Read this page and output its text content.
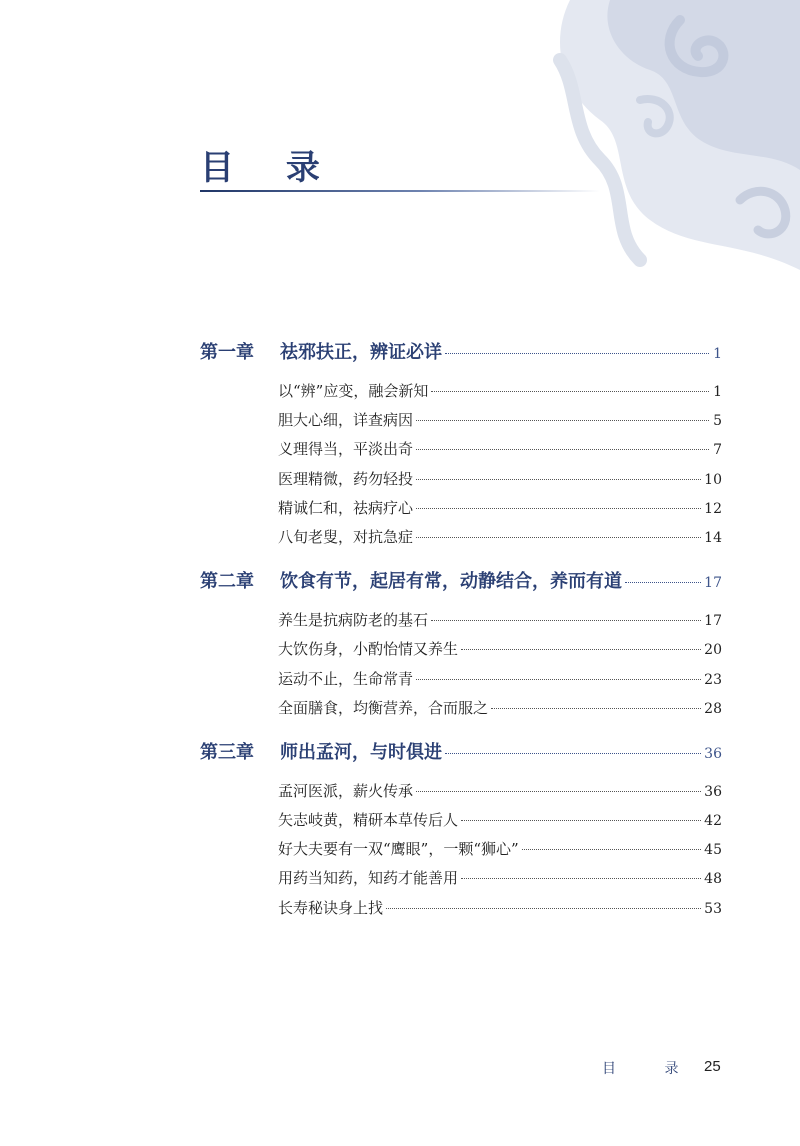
目 录
第一章	祛邪扶正，辨证必详	1
以“辨”应变，融会新知	1
胆大心细，详查病因	5
义理得当，平淡出奇	7
医理精微，药勿轻投	10
精诚仁和，祛病疗心	12
八旬老叟，对抗急症	14
第二章	饮食有节，起居有常，动静结合，养而有道	17
养生是抗病防老的基石	17
大饮伤身，小酌怡情又养生	20
运动不止，生命常青	23
全面膳食，均衡营养，合而服之	28
第三章	师出孟河，与时俱进	36
孟河医派，薪火传承	36
矢志岐黄，精研本草传后人	42
好大夫要有一双“鹰眼”，一颗“狮心”	45
用药当知药，知药才能善用	48
长寿秘诀身上找	53
目 录 25
